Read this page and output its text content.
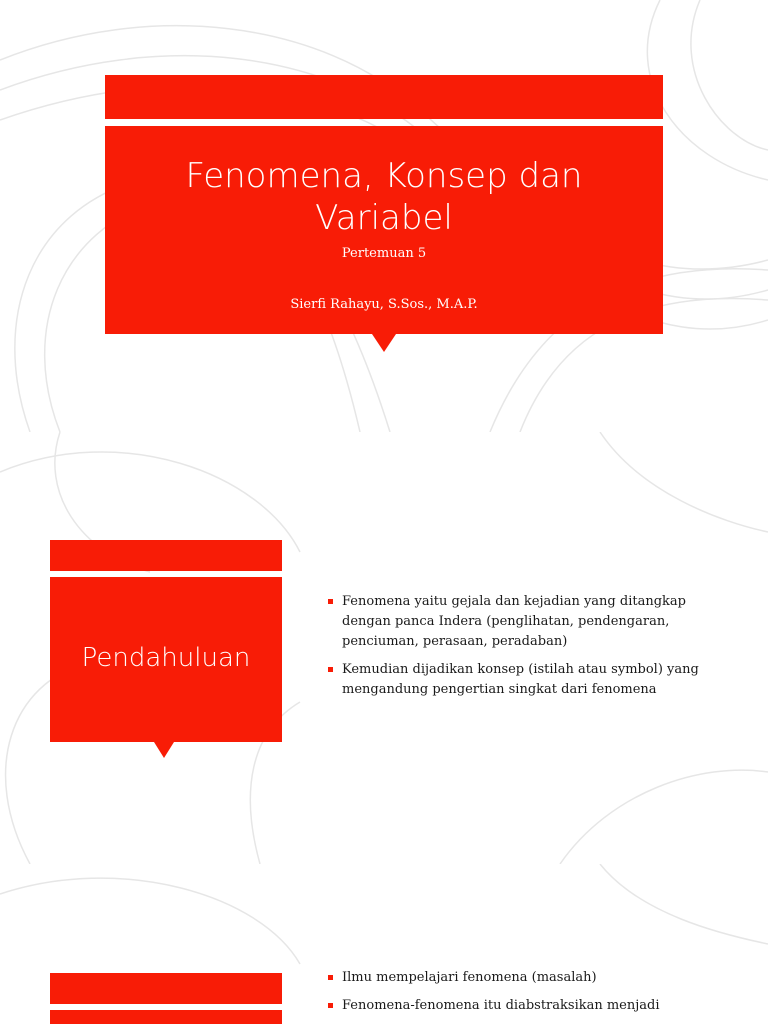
Fenomena, Konsep dan Variabel
Pertemuan 5
Sierfi Rahayu, S.Sos., M.A.P.
Pendahuluan
Fenomena yaitu gejala dan kejadian yang ditangkap dengan panca Indera (penglihatan, pendengaran, penciuman, perasaan, peradaban)
Kemudian dijadikan konsep (istilah atau symbol) yang mengandung pengertian singkat dari fenomena
Ilmu mempelajari fenomena (masalah)
Fenomena-fenomena itu diabstraksikan menjadi
